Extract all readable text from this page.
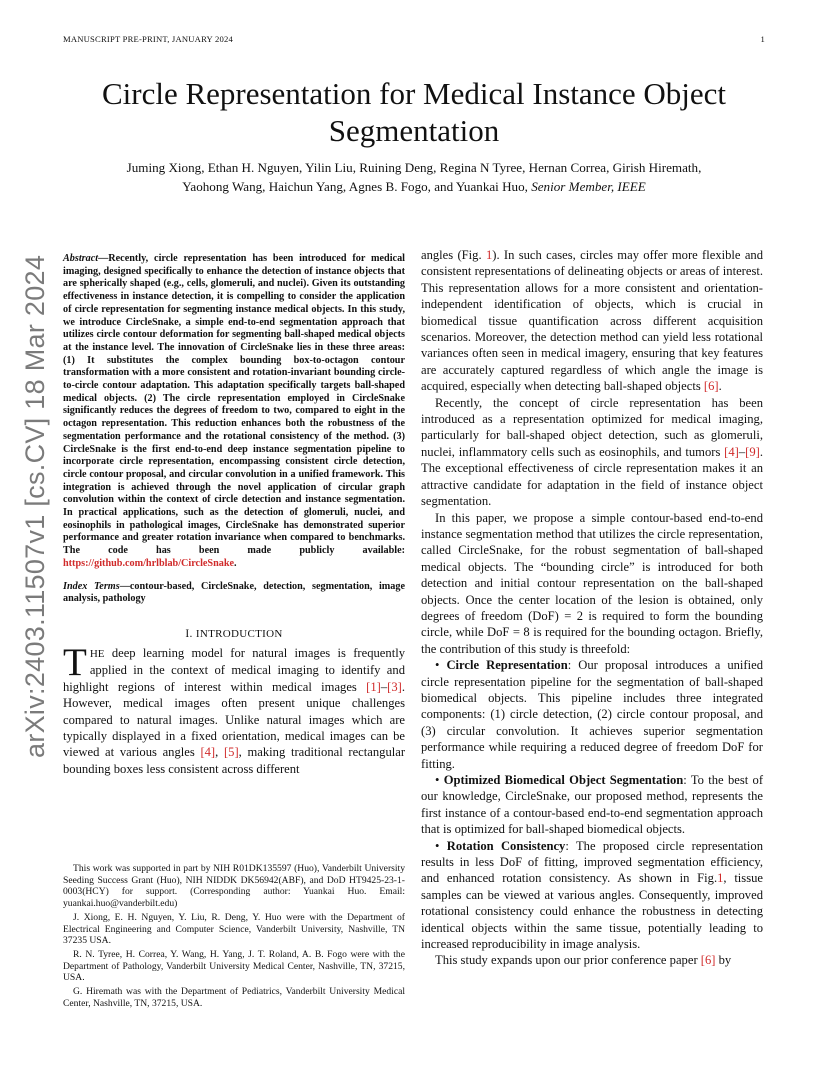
MANUSCRIPT PRE-PRINT, JANUARY 2024	1
Circle Representation for Medical Instance Object Segmentation
Juming Xiong, Ethan H. Nguyen, Yilin Liu, Ruining Deng, Regina N Tyree, Hernan Correa, Girish Hiremath,
Yaohong Wang, Haichun Yang, Agnes B. Fogo, and Yuankai Huo, Senior Member, IEEE
arXiv:2403.11507v1 [cs.CV] 18 Mar 2024 Abstract—Recently, circle representation has been introduced for medical imaging, designed specifically to enhance the detection of instance objects that are spherically shaped (e.g., cells, glomeruli, and nuclei). Given its outstanding effectiveness in instance detection, it is compelling to consider the application of circle representation for segmenting instance medical objects. In this study, we introduce CircleSnake, a simple end-to-end segmentation approach that utilizes circle contour deformation for segmenting ball-shaped medical objects at the instance level. The innovation of CircleSnake lies in these three areas: (1) It substitutes the complex bounding box-to-octagon contour transformation with a more consistent and rotation-invariant bounding circle-to-circle contour adaptation. This adaptation specifically targets ball-shaped medical objects. (2) The circle representation employed in CircleSnake significantly reduces the degrees of freedom to two, compared to eight in the octagon representation. This reduction enhances both the robustness of the segmentation performance and the rotational consistency of the method. (3) CircleSnake is the first end-to-end deep instance segmentation pipeline to incorporate circle representation, encompassing consistent circle detection, circle contour proposal, and circular convolution in a unified framework. This integration is achieved through the novel application of circular graph convolution within the context of circle detection and instance segmentation. In practical applications, such as the detection of glomeruli, nuclei, and eosinophils in pathological images, CircleSnake has demonstrated superior performance and greater rotation invariance when compared to benchmarks. The code has been made publicly available: https://github.com/hrlblab/CircleSnake.

Index Terms—contour-based, CircleSnake, detection, segmentation, image analysis, pathology

I. INTRODUCTION

THE deep learning model for natural images is frequently applied in the context of medical imaging to identify and highlight regions of interest within medical images [1]–[3]. However, medical images often present unique challenges compared to natural images. Unlike natural images which are typically displayed in a fixed orientation, medical images can be viewed at various angles [4], [5], making traditional rectangular bounding boxes less consistent across different

This work was supported in part by NIH R01DK135597 (Huo), Vanderbilt University Seeding Success Grant (Huo), NIH NIDDK DK56942(ABF), and DoD HT9425-23-1-0003(HCY) for support. (Corresponding author: Yuankai Huo. Email: yuankai.huo@vanderbilt.edu)

J. Xiong, E. H. Nguyen, Y. Liu, R. Deng, Y. Huo were with the Department of Electrical Engineering and Computer Science, Vanderbilt University, Nashville, TN 37235 USA.

R. N. Tyree, H. Correa, Y. Wang, H. Yang, J. T. Roland, A. B. Fogo were with the Department of Pathology, Vanderbilt University Medical Center, Nashville, TN, 37215, USA.

G. Hiremath was with the Department of Pediatrics, Vanderbilt University Medical Center, Nashville, TN, 37215, USA.

angles (Fig. 1). In such cases, circles may offer more flexible and consistent representations of delineating objects or areas of interest. This representation allows for a more consistent and orientation-independent identification of objects, which is crucial in biomedical tissue quantification across different acquisition scenarios. Moreover, the detection method can yield less rotational variances often seen in medical imagery, ensuring that key features are accurately captured regardless of which angle the image is acquired, especially when detecting ball-shaped objects [6].

Recently, the concept of circle representation has been introduced as a representation optimized for medical imaging, particularly for ball-shaped object detection, such as glomeruli, nuclei, inflammatory cells such as eosinophils, and tumors [4]–[9]. The exceptional effectiveness of circle representation makes it an attractive candidate for adaptation in the field of instance object segmentation.

In this paper, we propose a simple contour-based end-to-end instance segmentation method that utilizes the circle representation, called CircleSnake, for the robust segmentation of ball-shaped medical objects. The “bounding circle” is introduced for both detection and initial contour representation on the ball-shaped objects. Once the center location of the lesion is obtained, only degrees of freedom (DoF) = 2 is required to form the bounding circle, while DoF = 8 is required for the bounding octagon. Briefly, the contribution of this study is threefold:

• Circle Representation: Our proposal introduces a unified circle representation pipeline for the segmentation of ball-shaped biomedical objects. This pipeline includes three integrated components: (1) circle detection, (2) circle contour proposal, and (3) circular convolution. It achieves superior segmentation performance while requiring a reduced degree of freedom DoF for fitting.

• Optimized Biomedical Object Segmentation: To the best of our knowledge, CircleSnake, our proposed method, represents the first instance of a contour-based end-to-end segmentation approach that is optimized for ball-shaped biomedical objects.

• Rotation Consistency: The proposed circle representation results in less DoF of fitting, improved segmentation efficiency, and enhanced rotation consistency. As shown in Fig.1, tissue samples can be viewed at various angles. Consequently, improved rotational consistency could enhance the robustness in detecting identical objects within the same tissue, potentially leading to increased reproducibility in image analysis.

This study expands upon our prior conference paper [6] by
